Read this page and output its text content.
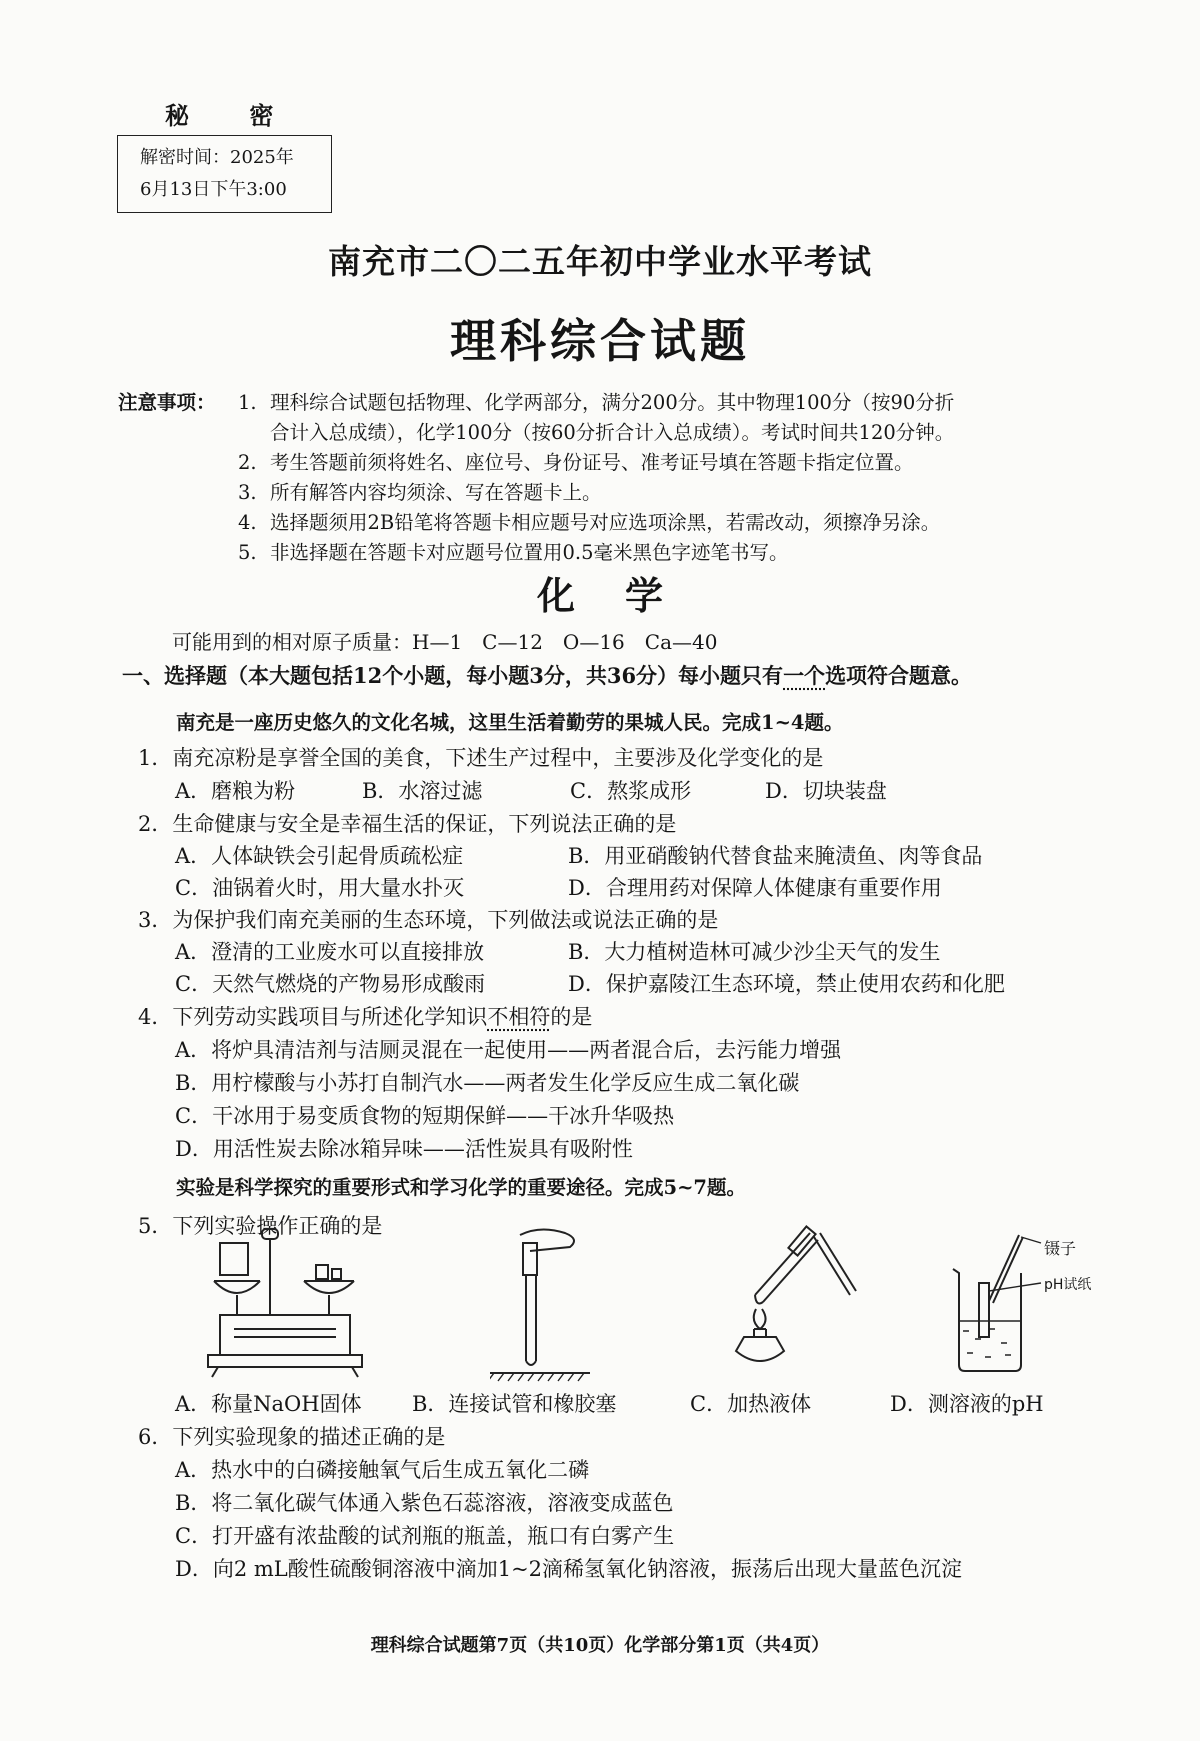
秘 密
解密时间：2025年
6月13日下午3:00
南充市二〇二五年初中学业水平考试
理科综合试题
注意事项：	1. 理科综合试题包括物理、化学两部分，满分200分。其中物理100分（按90分折
合计入总成绩），化学100分（按60分折合计入总成绩）。考试时间共120分钟。
2. 考生答题前须将姓名、座位号、身份证号、准考证号填在答题卡指定位置。
3. 所有解答内容均须涂、写在答题卡上。
4. 选择题须用2B铅笔将答题卡相应题号对应选项涂黑，若需改动，须擦净另涂。
5. 非选择题在答题卡对应题号位置用0.5毫米黑色字迹笔书写。
化学
可能用到的相对原子质量：H—1　C—12　O—16　Ca—40
一、选择题（本大题包括12个小题，每小题3分，共36分）每小题只有一个选项符合题意。
南充是一座历史悠久的文化名城，这里生活着勤劳的果城人民。完成1~4题。
1．南充凉粉是享誉全国的美食，下述生产过程中，主要涉及化学变化的是
A．磨粮为粉	B．水溶过滤	C．熬浆成形	D．切块装盘
2．生命健康与安全是幸福生活的保证，下列说法正确的是
A．人体缺铁会引起骨质疏松症	B．用亚硝酸钠代替食盐来腌渍鱼、肉等食品
C．油锅着火时，用大量水扑灭	D．合理用药对保障人体健康有重要作用
3．为保护我们南充美丽的生态环境，下列做法或说法正确的是
A．澄清的工业废水可以直接排放	B．大力植树造林可减少沙尘天气的发生
C．天然气燃烧的产物易形成酸雨	D．保护嘉陵江生态环境，禁止使用农药和化肥
4．下列劳动实践项目与所述化学知识不相符的是
A．将炉具清洁剂与洁厕灵混在一起使用——两者混合后，去污能力增强
B．用柠檬酸与小苏打自制汽水——两者发生化学反应生成二氧化碳
C．干冰用于易变质食物的短期保鲜——干冰升华吸热
D．用活性炭去除冰箱异味——活性炭具有吸附性
实验是科学探究的重要形式和学习化学的重要途径。完成5~7题。
5．下列实验操作正确的是
镊子
pH试纸
A．称量NaOH固体 B．连接试管和橡胶塞	C．加热液体	D．测溶液的pH
6．下列实验现象的描述正确的是
A．热水中的白磷接触氧气后生成五氧化二磷
B．将二氧化碳气体通入紫色石蕊溶液，溶液变成蓝色
C．打开盛有浓盐酸的试剂瓶的瓶盖，瓶口有白雾产生
D．向2 mL酸性硫酸铜溶液中滴加1~2滴稀氢氧化钠溶液，振荡后出现大量蓝色沉淀
理科综合试题第7页（共10页）化学部分第1页（共4页）
